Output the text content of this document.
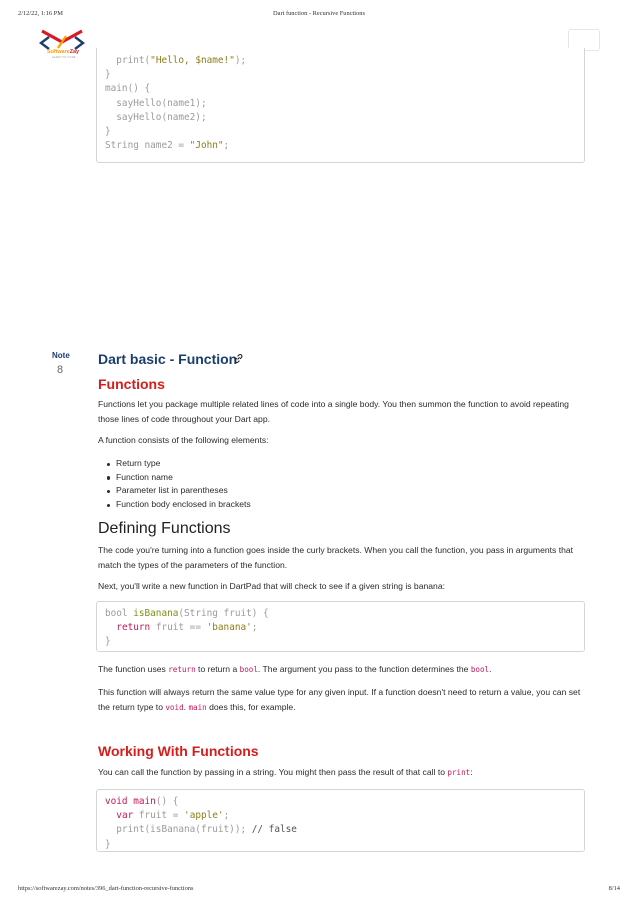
2/12/22, 1:16 PM	Dart function - Recursive Functions
SoftwareZay
LEARN TO CODE	print("Hello, $name!");
}
main() {
sayHello(name1);
sayHello(name2);
}
String name2 = "John";
Note
8
Dart basic - Function
Functions
Functions let you package multiple related lines of code into a single body. You then summon the function to avoid repeating those lines of code throughout your Dart app.
A function consists of the following elements:
Return type
Function name
Parameter list in parentheses
Function body enclosed in brackets
Defining Functions
The code you're turning into a function goes inside the curly brackets. When you call the function, you pass in arguments that match the types of the parameters of the function.
Next, you'll write a new function in DartPad that will check to see if a given string is banana:
bool isBanana(String fruit) {
return fruit == 'banana';
}
The function uses return to return a bool. The argument you pass to the function determines the bool.
This function will always return the same value type for any given input. If a function doesn't need to return a value, you can set the return type to void. main does this, for example.
Working With Functions
You can call the function by passing in a string. You might then pass the result of that call to print:
void main() {
var fruit = 'apple';
print(isBanana(fruit)); // false
}
https://softwarezay.com/notes/396_dart-function-recursive-functions	8/14
